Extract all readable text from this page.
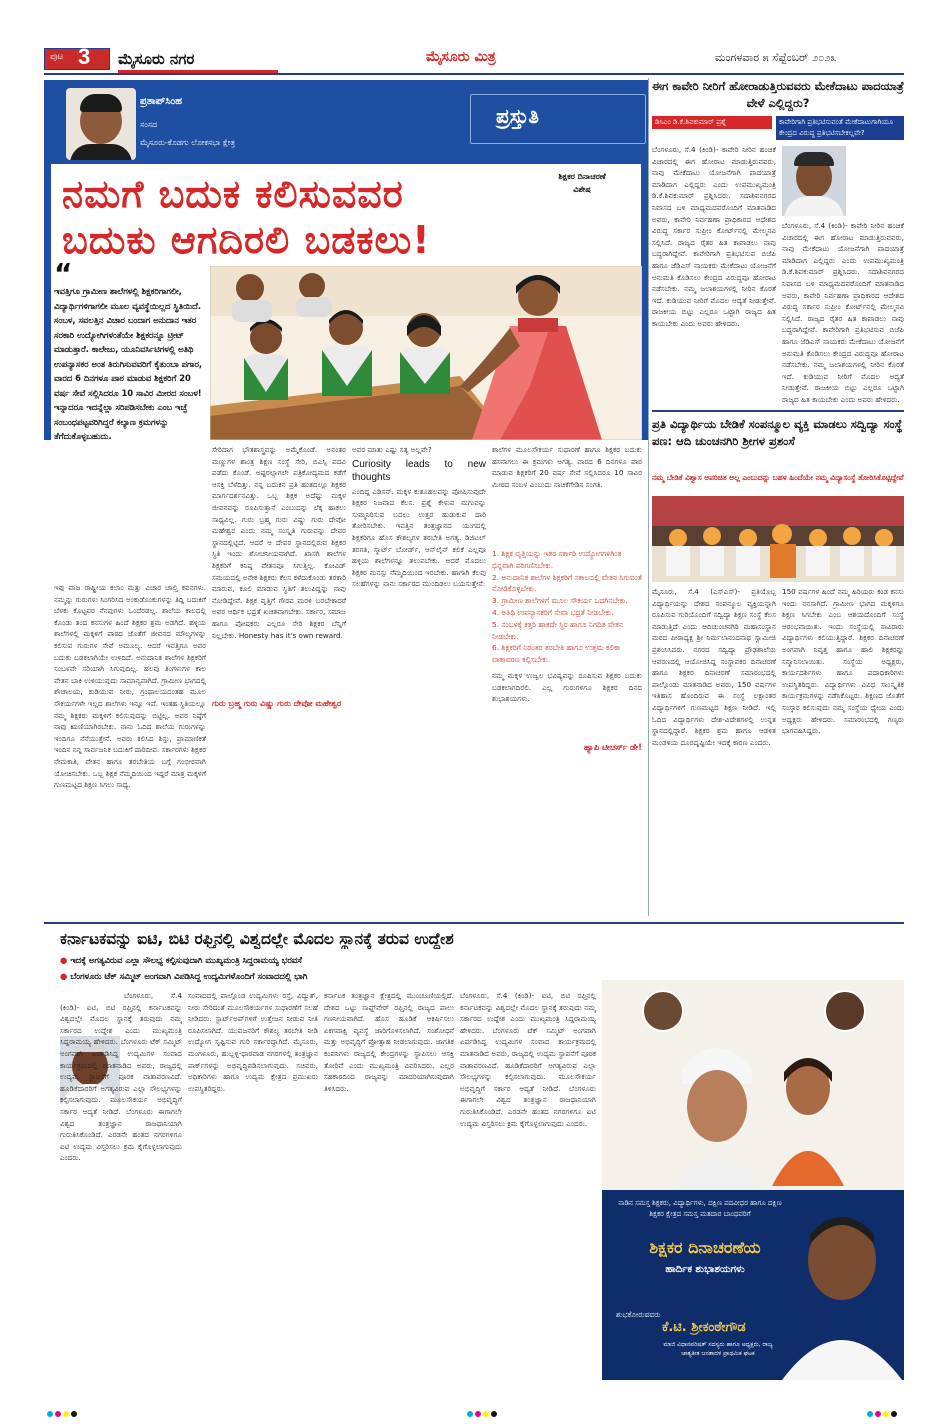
ಪುಟ 3 ಮೈಸೂರು ನಗರ	ಮೈಸೂರು ಮಿತ್ರ	ಮಂಗಳವಾರ ೫ ಸೆಪ್ಟೆಂಬರ್ ೨೦೨೩
ಪ್ರತಾಪ್‌ಸಿಂಹ
ಸಂಸದ
ಮೈಸೂರು-ಕೊಡಗು ಲೋಕಸಭಾ ಕ್ಷೇತ್ರ
ಪ್ರಸ್ತುತಿ
ನಮಗೆ ಬದುಕ ಕಲಿಸುವವರ
ಬದುಕು ಆಗದಿರಲಿ ಬಡಕಲು!
ಶಿಕ್ಷಕರ ದಿನಾಚರಣೆ ವಿಶೇಷ
“
ಇವತ್ತಿಗೂ ಗ್ರಾಮೀಣ ಶಾಲೆಗಳಲ್ಲಿ ಶಿಕ್ಷಕರಿಗಾಗಲೀ, ವಿದ್ಯಾರ್ಥಿಗಳಿಗಾಗಲೀ ಮೂಲ ವ್ಯವಸ್ಥೆಯಿಲ್ಲದ ಸ್ಥಿತಿಯಿದೆ. ಸಂಬಳ, ಸವಲತ್ತಿನ ವಿಚಾರ ಬಂದಾಗ ಅನುದಾನ ಇತರ ಸರಕಾರಿ ಉದ್ಯೋಗಿಗಳಂತೆಯೇ ಶಿಕ್ಷಕರನ್ನೂ ಟ್ರೀಟ್ ಮಾಡುತ್ತಾರೆ. ಕಾಲೇಜು, ಯೂನಿವರ್ಸಿಟಿಗಳಲ್ಲಿ ಅತಿಥಿ ಉಪನ್ಯಾಸಕರ ಅಂತ ತಿರುಗಿಸುವವರಿಗೆ ಕೈತುಂಬಾ ಪಗಾರ, ವಾರದ 6 ದಿನಗಳೂ ಪಾಠ ಮಾಡುವ ಶಿಕ್ಷಕರಿಗೆ 20 ವರ್ಷ ಸೇವೆ ಸಲ್ಲಿಸಿದರೂ 10 ಸಾವಿರ ಮೀರದ ಸಂಬಳ! ಇನ್ನಾದರೂ ಇದನ್ನೆಲ್ಲಾ ಸರಿಪಡಿಸಬೇಕು ಎಂಬ ಇಚ್ಛೆ ಸಂಬಂಧಪಟ್ಟವರಿಗಿದ್ದರೆ ಕಲ್ಯಾಣ ಕ್ರಮಗಳನ್ನು ತೆಗೆದುಕೊಳ್ಳಬಹುದು.
ಇವು ಪಾಜ ರಾಷ್ಟ್ರೀಯ ಕಲಾಂ ಮತ್ತು ವಿಚಾರ ಚಾಲ್ತಿ ಕವನಗಳು. ನಮ್ಮನ್ನು ಗುರುಗಳು ಸಿಂಗರಿಸಿದ ಅಂಕುಡೊಂಕುಗಳನ್ನು ತಿದ್ದಿ ಬದುಕಿಗೆ ಬೆಳಕು ಕೊಟ್ಟವರ ನೆನಪುಗಳು ಒಂದೆರಡಲ್ಲ. ಶಾಲೆಯ ಕಾಲದಲ್ಲಿ ಕೊಂಡು ತಂದ ಕನಸುಗಳ ಹಿಂದೆ ಶಿಕ್ಷಕರ ಶ್ರಮ ಅಡಗಿದೆ. ಹಳ್ಳಿಯ ಶಾಲೆಗಳಲ್ಲಿ ಮಕ್ಕಳಿಗೆ ಪಾಠದ ಜೊತೆಗೆ ಜೀವನದ ಮೌಲ್ಯಗಳನ್ನು ಕಲಿಸುವ ಗುರುಗಳ ಸೇವೆ ಅಮೂಲ್ಯ. ಆದರೆ ಇವತ್ತಿಗೂ ಅವರ ಬದುಕು ಬಡಕಲಾಗಿಯೇ ಉಳಿದಿದೆ. ಅನುದಾನಿತ ಶಾಲೆಗಳ ಶಿಕ್ಷಕರಿಗೆ ಸಂಬಳವೇ ಸರಿಯಾಗಿ ಸಿಗುವುದಿಲ್ಲ. ಹಲವು ತಿಂಗಳುಗಳ ಕಾಲ ವೇತನ ಬಾಕಿ ಉಳಿಯುವುದು ಸಾಮಾನ್ಯವಾಗಿದೆ. ಗ್ರಾಮೀಣ ಭಾಗದಲ್ಲಿ ಶೌಚಾಲಯ, ಕುಡಿಯುವ ನೀರು, ಗ್ರಂಥಾಲಯದಂತಹ ಮೂಲ ಸೌಕರ್ಯಗಳೇ ಇಲ್ಲದ ಶಾಲೆಗಳು ಇನ್ನೂ ಇವೆ. ಇಂತಹ ಸ್ಥಿತಿಯಲ್ಲೂ ನಮ್ಮ ಶಿಕ್ಷಕರು ಮಕ್ಕಳಿಗೆ ಕಲಿಸುವುದನ್ನು ಬಿಟ್ಟಿಲ್ಲ. ಅವರ ನಿಷ್ಠೆಗೆ ನಾವು ಋಣಿಯಾಗಿರಬೇಕು. ನಾನು ಓದಿದ ಶಾಲೆಯ ಗುರುಗಳನ್ನು ಇಂದಿಗೂ ನೆನೆಯುತ್ತೇನೆ. ಅವರು ಕಲಿಸಿದ ಶಿಸ್ತು, ಪ್ರಾಮಾಣಿಕತೆ ಇಂದಿನ ನನ್ನ ಸಾರ್ವಜನಿಕ ಬದುಕಿಗೆ ದಾರಿದೀಪ. ಸರ್ಕಾರಗಳು ಶಿಕ್ಷಕರ ನೇಮಕಾತಿ, ವೇತನ ಹಾಗೂ ತರಬೇತಿಯ ಬಗ್ಗೆ ಗಂಭೀರವಾಗಿ ಯೋಚಿಸಬೇಕು. ಒಬ್ಬ ಶಿಕ್ಷಕ ನೆಮ್ಮದಿಯಿಂದ ಇದ್ದರೆ ಮಾತ್ರ ಮಕ್ಕಳಿಗೆ ಗುಣಮಟ್ಟದ ಶಿಕ್ಷಣ ಸಿಗಲು ಸಾಧ್ಯ.
ಸೇರಿದಾಗ ಭೌತಶಾಸ್ತ್ರವನ್ನು ಅಮ್ಮೆಕೊಂಡೆ. ಅನಂತರ ಮಣ್ಣುಗಳ ಶಾಂತ್ರ ಶಿಕ್ಷಣ ಸಂಸ್ಥೆ ಸೇರಿ, ಬಿಎಸ್ಸಿ ಪದವಿ ಪಡೆದು ಕೊಂಡೆ. ಅಷ್ಟರಲ್ಲಾಗಲೇ ಪತ್ರಿಕೋದ್ಯಮದ ಕಡೆಗೆ ಆಸಕ್ತಿ ಬೆಳೆದಿತ್ತು. ನನ್ನ ಬದುಕಿನ ಪ್ರತಿ ಹಂತದಲ್ಲೂ ಶಿಕ್ಷಕರ ಮಾರ್ಗದರ್ಶನವಿತ್ತು. ಒಬ್ಬ ಶಿಕ್ಷಕ ಅದೆಷ್ಟು ಮಕ್ಕಳ ಜೀವನವನ್ನು ರೂಪಿಸುತ್ತಾನೆ ಎಂಬುದನ್ನು ಲೆಕ್ಕ ಹಾಕಲು ಸಾಧ್ಯವಿಲ್ಲ. ಗುರು ಬ್ರಹ್ಮ ಗುರು ವಿಷ್ಣು ಗುರು ದೇವೋ ಮಹೇಶ್ವರ ಎಂದು ನಮ್ಮ ಸಂಸ್ಕೃತಿ ಗುರುವನ್ನು ದೇವರ ಸ್ಥಾನದಲ್ಲಿಟ್ಟಿದೆ. ಆದರೆ ಆ ದೇವರ ಸ್ಥಾನದಲ್ಲಿರುವ ಶಿಕ್ಷಕರ ಸ್ಥಿತಿ ಇಂದು ಶೋಚನೀಯವಾಗಿದೆ. ಖಾಸಗಿ ಶಾಲೆಗಳ ಶಿಕ್ಷಕರಿಗೆ ಕನಿಷ್ಠ ವೇತನವೂ ಸಿಗುತ್ತಿಲ್ಲ. ಕೋವಿಡ್ ಸಮಯದಲ್ಲಿ ಅನೇಕ ಶಿಕ್ಷಕರು ಕೆಲಸ ಕಳೆದುಕೊಂಡು ತರಕಾರಿ ಮಾರುವ, ಕೂಲಿ ಮಾಡುವ ಸ್ಥಿತಿಗೆ ತಲುಪಿದ್ದನ್ನು ನಾವು ನೋಡಿದ್ದೇವೆ. ಶಿಕ್ಷಕ ವೃತ್ತಿಗೆ ಗೌರವ ಮರಳಿ ಬರಬೇಕಾದರೆ ಅವರ ಆರ್ಥಿಕ ಭದ್ರತೆ ಖಚಿತವಾಗಬೇಕು. ಸರ್ಕಾರ, ಸಮಾಜ ಹಾಗೂ ಪೋಷಕರು ಎಲ್ಲರೂ ಸೇರಿ ಶಿಕ್ಷಕರ ಬೆನ್ನಿಗೆ ನಿಲ್ಲಬೇಕು. Honesty has it's own reward.
ಗುರು ಬ್ರಹ್ಮ ಗುರು ವಿಷ್ಣು ಗುರು ದೇವೋ ಮಹೇಶ್ವರ

ಅವರ ಮಾತು ಎಷ್ಟು ಸತ್ಯ ಅಲ್ಲವೇ?

Curiosity leads to new thoughts

ಎಂದಿದ್ದ ಎಡಿಸನ್. ಮಕ್ಕಳ ಕುತೂಹಲವನ್ನು ಪೋಷಿಸುವುದೇ ಶಿಕ್ಷಕರ ನಿಜವಾದ ಕೆಲಸ. ಪ್ರಶ್ನೆ ಕೇಳುವ ಮಗುವನ್ನು ಸುಮ್ಮನಿರಿಸುವ ಬದಲು ಉತ್ತರ ಹುಡುಕುವ ದಾರಿ ತೋರಿಸಬೇಕು. ಇವತ್ತಿನ ತಂತ್ರಜ್ಞಾನದ ಯುಗದಲ್ಲಿ ಶಿಕ್ಷಕರಿಗೂ ಹೊಸ ಕೌಶಲ್ಯಗಳ ತರಬೇತಿ ಅಗತ್ಯ. ಡಿಜಿಟಲ್ ತರಗತಿ, ಸ್ಮಾರ್ಟ್ ಬೋರ್ಡ್, ಆನ್‌ಲೈನ್ ಕಲಿಕೆ ಎಲ್ಲವೂ ಹಳ್ಳಿಯ ಶಾಲೆಗಳನ್ನೂ ತಲುಪಬೇಕು. ಆದರೆ ಮೊದಲು ಶಿಕ್ಷಕರ ಮನಸ್ಸು ನೆಮ್ಮದಿಯಿಂದ ಇರಬೇಕು. ಹಾಗಾಗಿ ಕೆಲವು ಸಲಹೆಗಳನ್ನು ನಾನು ಸರ್ಕಾರದ ಮುಂದಿಡಲು ಬಯಸುತ್ತೇನೆ:
ಶಾಲೆಗಳ ಮೂಲಸೌಕರ್ಯ ಸುಧಾರಣೆ ಹಾಗೂ ಶಿಕ್ಷಕರ ಬದುಕು ಹಸನಾಗಲು ಈ ಕ್ರಮಗಳು ಅಗತ್ಯ. ವಾರದ 6 ದಿನಗಳೂ ಪಾಠ ಮಾಡುವ ಶಿಕ್ಷಕರಿಗೆ 20 ವರ್ಷ ಸೇವೆ ಸಲ್ಲಿಸಿದರೂ 10 ಸಾವಿರ ಮೀರದ ಸಂಬಳ ಎಂಬುದು ನಾಚಿಕೆಗೇಡಿನ ಸಂಗತಿ.
1. ಶಿಕ್ಷಕ ವೃತ್ತಿಯನ್ನು ಇತರ ಸರ್ಕಾರಿ ಉದ್ಯೋಗಗಳಿಗಿಂತ ಭಿನ್ನವಾಗಿ ಪರಿಗಣಿಸಬೇಕು.
2. ಅನುದಾನಿತ ಶಾಲೆಗಳ ಶಿಕ್ಷಕರಿಗೆ ಸಕಾಲದಲ್ಲಿ ವೇತನ ಸಿಗುವಂತೆ ನೋಡಿಕೊಳ್ಳಬೇಕು.
3. ಗ್ರಾಮೀಣ ಶಾಲೆಗಳಿಗೆ ಮೂಲ ಸೌಕರ್ಯ ಒದಗಿಸಬೇಕು.
4. ಅತಿಥಿ ಉಪನ್ಯಾಸಕರಿಗೆ ಸೇವಾ ಭದ್ರತೆ ನೀಡಬೇಕು.
5. ಸಂಬಳಕ್ಕೆ ಕತ್ತರಿ ಹಾಕದೇ ಸ್ಥಿರ ಹಾಗೂ ನಿಗದಿತ ವೇತನ ನೀಡಬೇಕು.
6. ಶಿಕ್ಷಕರಿಗೆ ನಿರಂತರ ತರಬೇತಿ ಹಾಗೂ ಉತ್ತಮ ಕಲಿಕಾ ವಾತಾವರಣ ಕಲ್ಪಿಸಬೇಕು.
ನಮ್ಮ ಮಕ್ಕಳ ಉಜ್ವಲ ಭವಿಷ್ಯವನ್ನು ರೂಪಿಸುವ ಶಿಕ್ಷಕರ ಬದುಕು ಬಡಕಲಾಗದಿರಲಿ. ಎಲ್ಲ ಗುರುಗಳಿಗೂ ಶಿಕ್ಷಕರ ದಿನದ ಶುಭಾಶಯಗಳು.
ಹ್ಯಾಪಿ ಟೀಚರ್ಸ್ ಡೇ!
ಈಗ ಕಾವೇರಿ ನೀರಿಗೆ ಹೋರಾಡುತ್ತಿರುವವರು ಮೇಕೆದಾಟು ಪಾದಯಾತ್ರೆ ವೇಳೆ ಎಲ್ಲಿದ್ದರು?
ಡಿಸಿಎಂ ಡಿ.ಕೆ.ಶಿವಕುಮಾರ್ ಪ್ರಶ್ನೆ	ಕಾವೇರಿಗಾಗಿ ಪ್ರತಿಭಟಿಸುವಂತೆ ಮೇಕೆದಾಟುಗಾಗಿಯೂ ಕೇಂದ್ರದ ವಿರುದ್ಧ ಪ್ರತಿಭಟಿಸಬೇಕಲ್ಲವೇ?
ಬೆಂಗಳೂರು, ಸೆ.4 (ಕಿಂಡಿ)- ಕಾವೇರಿ ನೀರಿನ ಹಂಚಿಕೆ ವಿಚಾರದಲ್ಲಿ ಈಗ ಹೋರಾಟ ಮಾಡುತ್ತಿರುವವರು, ನಾವು ಮೇಕೆದಾಟು ಯೋಜನೆಗಾಗಿ ಪಾದಯಾತ್ರೆ ಮಾಡಿದಾಗ ಎಲ್ಲಿದ್ದರು ಎಂದು ಉಪಮುಖ್ಯಮಂತ್ರಿ ಡಿ.ಕೆ.ಶಿವಕುಮಾರ್ ಪ್ರಶ್ನಿಸಿದರು. ಸದಾಶಿವನಗರದ ನಿವಾಸದ ಬಳಿ ಮಾಧ್ಯಮದವರೊಂದಿಗೆ ಮಾತನಾಡಿದ ಅವರು, ಕಾವೇರಿ ನಿರ್ವಹಣಾ ಪ್ರಾಧಿಕಾರದ ಆದೇಶದ ವಿರುದ್ಧ ಸರ್ಕಾರ ಸುಪ್ರೀಂ ಕೋರ್ಟ್‌ನಲ್ಲಿ ಮೇಲ್ಮನವಿ ಸಲ್ಲಿಸಿದೆ. ರಾಜ್ಯದ ರೈತರ ಹಿತ ಕಾಪಾಡಲು ನಾವು ಬದ್ಧರಾಗಿದ್ದೇವೆ. ಕಾವೇರಿಗಾಗಿ ಪ್ರತಿಭಟಿಸುವ ಬಿಜೆಪಿ ಹಾಗೂ ಜೆಡಿಎಸ್ ನಾಯಕರು ಮೇಕೆದಾಟು ಯೋಜನೆಗೆ ಅನುಮತಿ ಕೊಡಿಸಲು ಕೇಂದ್ರದ ವಿರುದ್ಧವೂ ಹೋರಾಟ ನಡೆಸಬೇಕು. ನಮ್ಮ ಜಲಾಶಯಗಳಲ್ಲಿ ನೀರಿನ ಕೊರತೆ ಇದೆ. ಕುಡಿಯುವ ನೀರಿಗೆ ಮೊದಲ ಆದ್ಯತೆ ನೀಡುತ್ತೇವೆ. ರಾಜಕೀಯ ಬಿಟ್ಟು ಎಲ್ಲರೂ ಒಟ್ಟಾಗಿ ರಾಜ್ಯದ ಹಿತ ಕಾಯಬೇಕು ಎಂದು ಅವರು ಹೇಳಿದರು.
ಬೆಂಗಳೂರು, ಸೆ.4 (ಕಿಂಡಿ)- ಕಾವೇರಿ ನೀರಿನ ಹಂಚಿಕೆ ವಿಚಾರದಲ್ಲಿ ಈಗ ಹೋರಾಟ ಮಾಡುತ್ತಿರುವವರು, ನಾವು ಮೇಕೆದಾಟು ಯೋಜನೆಗಾಗಿ ಪಾದಯಾತ್ರೆ ಮಾಡಿದಾಗ ಎಲ್ಲಿದ್ದರು ಎಂದು ಉಪಮುಖ್ಯಮಂತ್ರಿ ಡಿ.ಕೆ.ಶಿವಕುಮಾರ್ ಪ್ರಶ್ನಿಸಿದರು. ಸದಾಶಿವನಗರದ ನಿವಾಸದ ಬಳಿ ಮಾಧ್ಯಮದವರೊಂದಿಗೆ ಮಾತನಾಡಿದ ಅವರು, ಕಾವೇರಿ ನಿರ್ವಹಣಾ ಪ್ರಾಧಿಕಾರದ ಆದೇಶದ ವಿರುದ್ಧ ಸರ್ಕಾರ ಸುಪ್ರೀಂ ಕೋರ್ಟ್‌ನಲ್ಲಿ ಮೇಲ್ಮನವಿ ಸಲ್ಲಿಸಿದೆ. ರಾಜ್ಯದ ರೈತರ ಹಿತ ಕಾಪಾಡಲು ನಾವು ಬದ್ಧರಾಗಿದ್ದೇವೆ. ಕಾವೇರಿಗಾಗಿ ಪ್ರತಿಭಟಿಸುವ ಬಿಜೆಪಿ ಹಾಗೂ ಜೆಡಿಎಸ್ ನಾಯಕರು ಮೇಕೆದಾಟು ಯೋಜನೆಗೆ ಅನುಮತಿ ಕೊಡಿಸಲು ಕೇಂದ್ರದ ವಿರುದ್ಧವೂ ಹೋರಾಟ ನಡೆಸಬೇಕು. ನಮ್ಮ ಜಲಾಶಯಗಳಲ್ಲಿ ನೀರಿನ ಕೊರತೆ ಇದೆ. ಕುಡಿಯುವ ನೀರಿಗೆ ಮೊದಲ ಆದ್ಯತೆ ನೀಡುತ್ತೇವೆ. ರಾಜಕೀಯ ಬಿಟ್ಟು ಎಲ್ಲರೂ ಒಟ್ಟಾಗಿ ರಾಜ್ಯದ ಹಿತ ಕಾಯಬೇಕು ಎಂದು ಅವರು ಹೇಳಿದರು.
ಪ್ರತಿ ವಿದ್ಯಾರ್ಥಿಯ ಬೇಡಿಕೆ ಸಂಪನ್ಮೂಲ ವ್ಯಕ್ತಿ ಮಾಡಲು ಸದ್ವಿದ್ಯಾ ಸಂಸ್ಥೆ ಪಣ: ಆದಿ ಚುಂಚನಗಿರಿ ಶ್ರೀಗಳ ಪ್ರಶಂಸೆ
ನಮ್ಮ ಬೇಡಿಕೆ ವಿಶ್ವಾಸ ಅಪರಿಚಿತ ಅಲ್ಲ ಎಂಬುದನ್ನು ಬಹಳ ಹಿಂದೆಯೇ ನಮ್ಮ ವಿದ್ಯಾಸಂಸ್ಥೆ ತೋರಿಸಿಕೊಟ್ಟಿದ್ದೇವೆ
ಮೈಸೂರು, ಸೆ.4 (ಎಸ್‌ಎಸ್)- ಪ್ರತಿಯೊಬ್ಬ ವಿದ್ಯಾರ್ಥಿಯನ್ನು ದೇಶದ ಸಂಪನ್ಮೂಲ ವ್ಯಕ್ತಿಯನ್ನಾಗಿ ರೂಪಿಸುವ ಗುರಿಯೊಂದಿಗೆ ಸದ್ವಿದ್ಯಾ ಶಿಕ್ಷಣ ಸಂಸ್ಥೆ ಕೆಲಸ ಮಾಡುತ್ತಿದೆ ಎಂದು ಆದಿಚುಂಚನಗಿರಿ ಮಹಾಸಂಸ್ಥಾನ ಮಠದ ಪೀಠಾಧ್ಯಕ್ಷ ಶ್ರೀ ನಿರ್ಮಲಾನಂದನಾಥ ಸ್ವಾಮೀಜಿ ಪ್ರಶಂಸಿಸಿದರು. ನಗರದ ಸದ್ವಿದ್ಯಾ ಪ್ರೌಢಶಾಲೆಯ ಆವರಣದಲ್ಲಿ ಆಯೋಜಿಸಿದ್ದ ಸಂಸ್ಥಾಪಕರ ದಿನಾಚರಣೆ ಹಾಗೂ ಶಿಕ್ಷಕರ ದಿನಾಚರಣೆ ಸಮಾರಂಭದಲ್ಲಿ ಪಾಲ್ಗೊಂಡು ಮಾತನಾಡಿದ ಅವರು, 150 ವರ್ಷಗಳ ಇತಿಹಾಸ ಹೊಂದಿರುವ ಈ ಸಂಸ್ಥೆ ಲಕ್ಷಾಂತರ ವಿದ್ಯಾರ್ಥಿಗಳಿಗೆ ಗುಣಮಟ್ಟದ ಶಿಕ್ಷಣ ನೀಡಿದೆ. ಇಲ್ಲಿ ಓದಿದ ವಿದ್ಯಾರ್ಥಿಗಳು ದೇಶ-ವಿದೇಶಗಳಲ್ಲಿ ಉನ್ನತ ಸ್ಥಾನದಲ್ಲಿದ್ದಾರೆ. ಶಿಕ್ಷಕರ ಶ್ರಮ ಹಾಗೂ ಆಡಳಿತ ಮಂಡಳಿಯ ದೂರದೃಷ್ಟಿಯೇ ಇದಕ್ಕೆ ಕಾರಣ ಎಂದರು.
150 ವರ್ಷಗಳ ಹಿಂದೆ ನಮ್ಮ ಹಿರಿಯರು ಕಂಡ ಕನಸು ಇಂದು ನನಸಾಗಿದೆ. ಗ್ರಾಮೀಣ ಭಾಗದ ಮಕ್ಕಳಿಗೂ ಶಿಕ್ಷಣ ಸಿಗಬೇಕು ಎಂಬ ಆಶಯದೊಂದಿಗೆ ಸಂಸ್ಥೆ ಆರಂಭವಾಯಿತು. ಇಂದು ಸಂಸ್ಥೆಯಲ್ಲಿ ಸಾವಿರಾರು ವಿದ್ಯಾರ್ಥಿಗಳು ಕಲಿಯುತ್ತಿದ್ದಾರೆ. ಶಿಕ್ಷಕರ ದಿನಾಚರಣೆ ಅಂಗವಾಗಿ ನಿವೃತ್ತ ಹಾಗೂ ಹಾಲಿ ಶಿಕ್ಷಕರನ್ನು ಸನ್ಮಾನಿಸಲಾಯಿತು. ಸಂಸ್ಥೆಯ ಅಧ್ಯಕ್ಷರು, ಕಾರ್ಯದರ್ಶಿಗಳು ಹಾಗೂ ಪದಾಧಿಕಾರಿಗಳು ಉಪಸ್ಥಿತರಿದ್ದರು. ವಿದ್ಯಾರ್ಥಿಗಳು ವಿವಿಧ ಸಾಂಸ್ಕೃತಿಕ ಕಾರ್ಯಕ್ರಮಗಳನ್ನು ನಡೆಸಿಕೊಟ್ಟರು. ಶಿಕ್ಷಣದ ಜೊತೆಗೆ ಸಂಸ್ಕಾರ ಕಲಿಸುವುದು ನಮ್ಮ ಸಂಸ್ಥೆಯ ಧ್ಯೇಯ ಎಂದು ಅಧ್ಯಕ್ಷರು ಹೇಳಿದರು. ಸಮಾರಂಭದಲ್ಲಿ ಗಣ್ಯರು ಭಾಗವಹಿಸಿದ್ದರು.
ಕರ್ನಾಟಕವನ್ನು ಐಟಿ, ಬಿಟಿ ರಫ್ತಿನಲ್ಲಿ ವಿಶ್ವದಲ್ಲೇ ಮೊದಲ ಸ್ಥಾನಕ್ಕೆ ತರುವ ಉದ್ದೇಶ
● ಇದಕ್ಕೆ ಅಗತ್ಯವಿರುವ ಎಲ್ಲಾ ಸೌಲಭ್ಯ ಕಲ್ಪಿಸುವುದಾಗಿ ಮುಖ್ಯಮಂತ್ರಿ ಸಿದ್ದರಾಮಯ್ಯ ಭರವಸೆ
● ಬೆಂಗಳೂರು ಟೆಕ್ ಸಮ್ಮಿಟ್ ಅಂಗವಾಗಿ ವಿಪಡಿಸಿದ್ದ ಉದ್ಯಮಿಗಳೊಂದಿಗೆ ಸಂವಾದದಲ್ಲಿ ಭಾಗಿ
ಬೆಂಗಳೂರು, ಸೆ.4 (ಕಿಂಡಿ)- ಐಟಿ, ಬಿಟಿ ರಫ್ತಿನಲ್ಲಿ ಕರ್ನಾಟಕವನ್ನು ವಿಶ್ವದಲ್ಲೇ ಮೊದಲ ಸ್ಥಾನಕ್ಕೆ ತರುವುದು ನಮ್ಮ ಸರ್ಕಾರದ ಉದ್ದೇಶ ಎಂದು ಮುಖ್ಯಮಂತ್ರಿ ಸಿದ್ದರಾಮಯ್ಯ ಹೇಳಿದರು. ಬೆಂಗಳೂರು ಟೆಕ್ ಸಮ್ಮಿಟ್ ಅಂಗವಾಗಿ ಏರ್ಪಡಿಸಿದ್ದ ಉದ್ಯಮಿಗಳ ಸಂವಾದ ಕಾರ್ಯಕ್ರಮದಲ್ಲಿ ಮಾತನಾಡಿದ ಅವರು, ರಾಜ್ಯದಲ್ಲಿ ಉದ್ಯಮ ಸ್ಥಾಪನೆಗೆ ಪೂರಕ ವಾತಾವರಣವಿದೆ. ಹೂಡಿಕೆದಾರರಿಗೆ ಅಗತ್ಯವಿರುವ ಎಲ್ಲಾ ಸೌಲಭ್ಯಗಳನ್ನು ಕಲ್ಪಿಸಲಾಗುವುದು. ಮೂಲಸೌಕರ್ಯ ಅಭಿವೃದ್ಧಿಗೆ ಸರ್ಕಾರ ಆದ್ಯತೆ ನೀಡಿದೆ. ಬೆಂಗಳೂರು ಈಗಾಗಲೇ ವಿಶ್ವದ ತಂತ್ರಜ್ಞಾನ ರಾಜಧಾನಿಯಾಗಿ ಗುರುತಿಸಿಕೊಂಡಿದೆ. ಎರಡನೇ ಹಂತದ ನಗರಗಳಿಗೂ ಐಟಿ ಉದ್ಯಮ ವಿಸ್ತರಿಸಲು ಕ್ರಮ ಕೈಗೊಳ್ಳಲಾಗುವುದು ಎಂದರು.
ಸಂವಾದದಲ್ಲಿ ಪಾಲ್ಗೊಂಡ ಉದ್ಯಮಿಗಳು ರಸ್ತೆ, ವಿದ್ಯುತ್, ನೀರು ಸೇರಿದಂತೆ ಮೂಲಸೌಕರ್ಯಗಳ ಸುಧಾರಣೆಗೆ ಸಲಹೆ ನೀಡಿದರು. ಸ್ಟಾರ್ಟ್‌ಅಪ್‌ಗಳಿಗೆ ಉತ್ತೇಜನ ನೀಡುವ ನೀತಿ ರೂಪಿಸಲಾಗಿದೆ. ಯುವಜನರಿಗೆ ಕೌಶಲ್ಯ ತರಬೇತಿ ನೀಡಿ ಉದ್ಯೋಗ ಸೃಷ್ಟಿಸುವ ಗುರಿ ಸರ್ಕಾರದ್ದಾಗಿದೆ. ಮೈಸೂರು, ಮಂಗಳೂರು, ಹುಬ್ಬಳ್ಳಿ-ಧಾರವಾಡ ನಗರಗಳಲ್ಲಿ ತಂತ್ರಜ್ಞಾನ ಪಾರ್ಕ್‌ಗಳನ್ನು ಅಭಿವೃದ್ಧಿಪಡಿಸಲಾಗುವುದು. ಸಚಿವರು, ಅಧಿಕಾರಿಗಳು ಹಾಗೂ ಉದ್ಯಮ ಕ್ಷೇತ್ರದ ಪ್ರಮುಖರು ಉಪಸ್ಥಿತರಿದ್ದರು.
ಕರ್ನಾಟಕ ತಂತ್ರಜ್ಞಾನ ಕ್ಷೇತ್ರದಲ್ಲಿ ಮುಂಚೂಣಿಯಲ್ಲಿದೆ. ದೇಶದ ಒಟ್ಟು ಸಾಫ್ಟ್‌ವೇರ್ ರಫ್ತಿನಲ್ಲಿ ರಾಜ್ಯದ ಪಾಲು ಗಣನೀಯವಾಗಿದೆ. ಹೊಸ ಹೂಡಿಕೆ ಆಕರ್ಷಿಸಲು ಏಕಗವಾಕ್ಷಿ ವ್ಯವಸ್ಥೆ ಜಾರಿಗೊಳಿಸಲಾಗಿದೆ. ಸಂಶೋಧನೆ ಮತ್ತು ಅಭಿವೃದ್ಧಿಗೆ ಪ್ರೋತ್ಸಾಹ ನೀಡಲಾಗುವುದು. ಜಾಗತಿಕ ಕಂಪನಿಗಳು ರಾಜ್ಯದಲ್ಲಿ ಕೇಂದ್ರಗಳನ್ನು ಸ್ಥಾಪಿಸಲು ಆಸಕ್ತಿ ತೋರಿವೆ ಎಂದು ಮುಖ್ಯಮಂತ್ರಿ ವಿವರಿಸಿದರು. ಎಲ್ಲರ ಸಹಕಾರದಿಂದ ರಾಜ್ಯವನ್ನು ಮಾದರಿಯಾಗಿಸುವುದಾಗಿ ತಿಳಿಸಿದರು.
ಬೆಂಗಳೂರು, ಸೆ.4 (ಕಿಂಡಿ)- ಐಟಿ, ಬಿಟಿ ರಫ್ತಿನಲ್ಲಿ ಕರ್ನಾಟಕವನ್ನು ವಿಶ್ವದಲ್ಲೇ ಮೊದಲ ಸ್ಥಾನಕ್ಕೆ ತರುವುದು ನಮ್ಮ ಸರ್ಕಾರದ ಉದ್ದೇಶ ಎಂದು ಮುಖ್ಯಮಂತ್ರಿ ಸಿದ್ದರಾಮಯ್ಯ ಹೇಳಿದರು. ಬೆಂಗಳೂರು ಟೆಕ್ ಸಮ್ಮಿಟ್ ಅಂಗವಾಗಿ ಏರ್ಪಡಿಸಿದ್ದ ಉದ್ಯಮಿಗಳ ಸಂವಾದ ಕಾರ್ಯಕ್ರಮದಲ್ಲಿ ಮಾತನಾಡಿದ ಅವರು, ರಾಜ್ಯದಲ್ಲಿ ಉದ್ಯಮ ಸ್ಥಾಪನೆಗೆ ಪೂರಕ ವಾತಾವರಣವಿದೆ. ಹೂಡಿಕೆದಾರರಿಗೆ ಅಗತ್ಯವಿರುವ ಎಲ್ಲಾ ಸೌಲಭ್ಯಗಳನ್ನು ಕಲ್ಪಿಸಲಾಗುವುದು. ಮೂಲಸೌಕರ್ಯ ಅಭಿವೃದ್ಧಿಗೆ ಸರ್ಕಾರ ಆದ್ಯತೆ ನೀಡಿದೆ. ಬೆಂಗಳೂರು ಈಗಾಗಲೇ ವಿಶ್ವದ ತಂತ್ರಜ್ಞಾನ ರಾಜಧಾನಿಯಾಗಿ ಗುರುತಿಸಿಕೊಂಡಿದೆ. ಎರಡನೇ ಹಂತದ ನಗರಗಳಿಗೂ ಐಟಿ ಉದ್ಯಮ ವಿಸ್ತರಿಸಲು ಕ್ರಮ ಕೈಗೊಳ್ಳಲಾಗುವುದು ಎಂದರು.
ನಾಡಿನ ಸಮಸ್ತ ಶಿಕ್ಷಕರು, ವಿದ್ಯಾರ್ಥಿಗಳು, ದಕ್ಷಿಣ ಪದವೀಧರ ಹಾಗೂ ದಕ್ಷಿಣ ಶಿಕ್ಷಕರ ಕ್ಷೇತ್ರದ ಸಮಸ್ತ ಮತದಾರ ಬಾಂಧವರಿಗೆ
ಶಿಕ್ಷಕರ ದಿನಾಚರಣೆಯ
ಹಾರ್ದಿಕ ಶುಭಾಶಯಗಳು
ಶುಭಕೋರುವವರು
ಕೆ.ಟಿ. ಶ್ರೀಕಂಠೇಗೌಡ
ಮಾಜಿ ವಿಧಾನಪರಿಷತ್ ಸದಸ್ಯರು ಹಾಗೂ ಅಧ್ಯಕ್ಷರು, ರಾಜ್ಯ ಜಾತ್ಯತೀತ ಜನತಾದಳ ಪ್ರಾಥಮಿಕ ಘಟಕ
